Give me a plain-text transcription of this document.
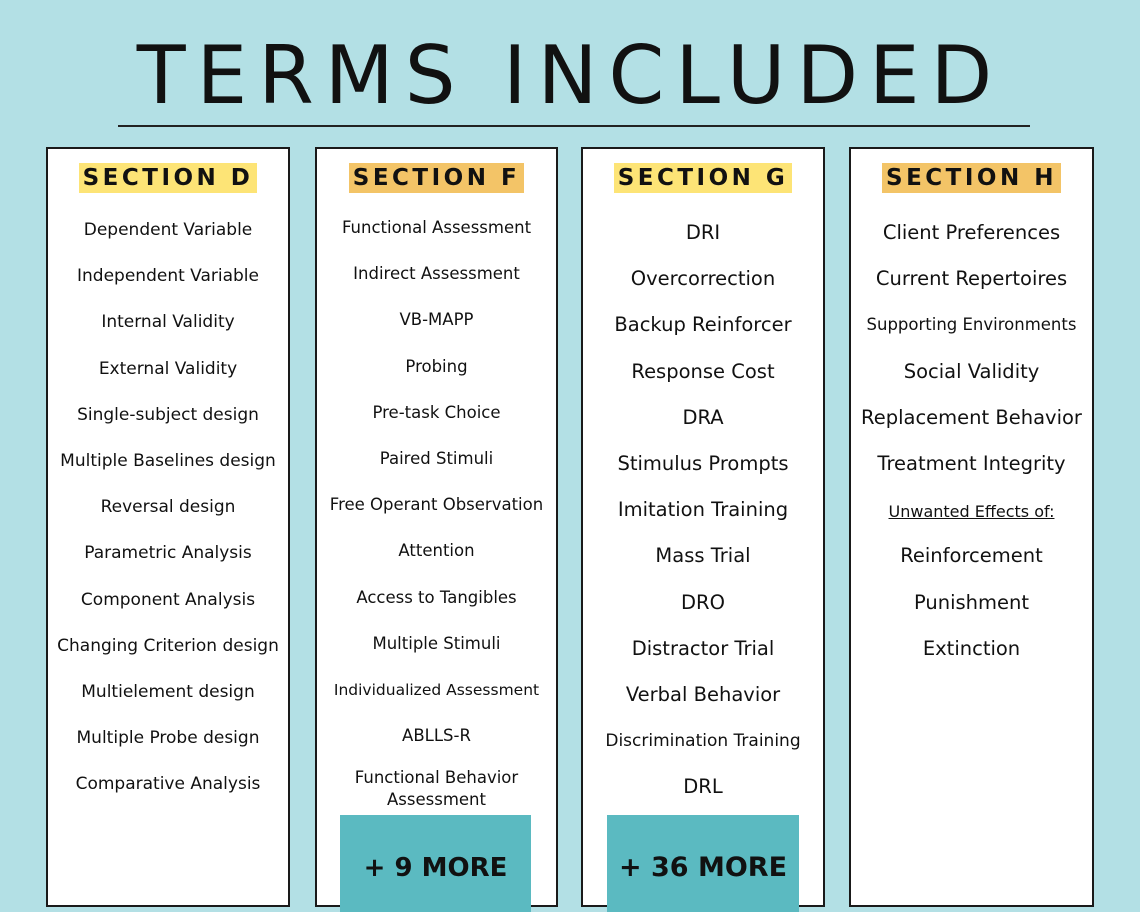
TERMS INCLUDED
SECTION D
Dependent Variable
Independent Variable
Internal Validity
External Validity
Single-subject design
Multiple Baselines design
Reversal design
Parametric Analysis
Component Analysis
Changing Criterion design
Multielement design
Multiple Probe design
Comparative Analysis
SECTION F
Functional Assessment
Indirect Assessment
VB-MAPP
Probing
Pre-task Choice
Paired Stimuli
Free Operant Observation
Attention
Access to Tangibles
Multiple Stimuli
Individualized Assessment
ABLLS-R
Functional Behavior Assessment
SECTION G
DRI
Overcorrection
Backup Reinforcer
Response Cost
DRA
Stimulus Prompts
Imitation Training
Mass Trial
DRO
Distractor Trial
Verbal Behavior
Discrimination Training
DRL
SECTION H
Client Preferences
Current Repertoires
Supporting Environments
Social Validity
Replacement Behavior
Treatment Integrity
Unwanted Effects of:
Reinforcement
Punishment
Extinction
+ 9 MORE	+ 36 MORE
